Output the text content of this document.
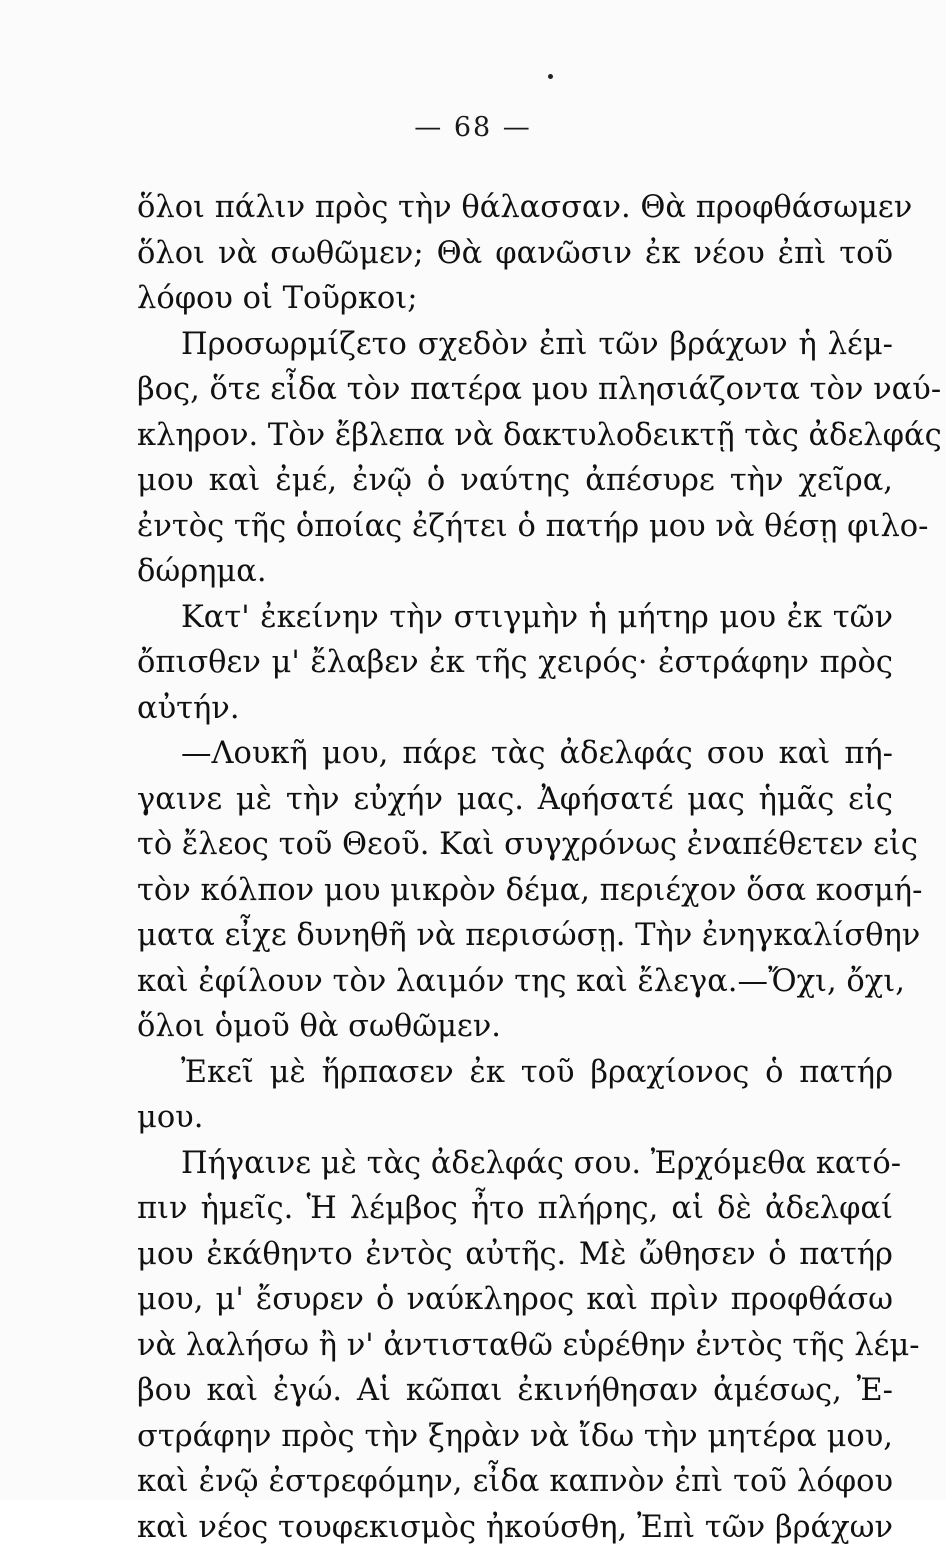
— 68 —
ὅλοι πάλιν πρὸς τὴν θάλασσαν. Θὰ προφθάσωμεν
ὅλοι νὰ σωθῶμεν; Θὰ φανῶσιν ἐκ νέου ἐπὶ τοῦ
λόφου οἱ Τοῦρκοι;
Προσωρμίζετο σχεδὸν ἐπὶ τῶν βράχων ἡ λέμ-
βος, ὅτε εἶδα τὸν πατέρα μου πλησιάζοντα τὸν ναύ-
κληρον. Τὸν ἔβλεπα νὰ δακτυλοδεικτῇ τὰς ἀδελφάς
μου καὶ ἐμέ, ἐνῷ ὁ ναύτης ἀπέσυρε τὴν χεῖρα,
ἐντὸς τῆς ὁποίας ἐζήτει ὁ πατήρ μου νὰ θέσῃ φιλο-
δώρημα.
Κατ' ἐκείνην τὴν στιγμὴν ἡ μήτηρ μου ἐκ τῶν
ὄπισθεν μ' ἔλαβεν ἐκ τῆς χειρός· ἐστράφην πρὸς
αὐτήν.
—Λουκῆ μου, πάρε τὰς ἀδελφάς σου καὶ πή-
γαινε μὲ τὴν εὐχήν μας. Ἀφήσατέ μας ἡμᾶς εἰς
τὸ ἔλεος τοῦ Θεοῦ. Καὶ συγχρόνως ἐναπέθετεν εἰς
τὸν κόλπον μου μικρὸν δέμα, περιέχον ὅσα κοσμή-
ματα εἶχε δυνηθῆ νὰ περισώσῃ. Τὴν ἐνηγκαλίσθην
καὶ ἐφίλουν τὸν λαιμόν της καὶ ἔλεγα.—Ὄχι, ὄχι,
ὅλοι ὁμοῦ θὰ σωθῶμεν.
Ἐκεῖ μὲ ἥρπασεν ἐκ τοῦ βραχίονος ὁ πατήρ
μου.
Πήγαινε μὲ τὰς ἀδελφάς σου. Ἐρχόμεθα κατό-
πιν ἡμεῖς. Ἡ λέμβος ἦτο πλήρης, αἱ δὲ ἀδελφαί
μου ἐκάθηντο ἐντὸς αὐτῆς. Μὲ ὤθησεν ὁ πατήρ
μου, μ' ἔσυρεν ὁ ναύκληρος καὶ πρὶν προφθάσω
νὰ λαλήσω ἢ ν' ἀντισταθῶ εὑρέθην ἐντὸς τῆς λέμ-
βου καὶ ἐγώ. Αἱ κῶπαι ἐκινήθησαν ἀμέσως, Ἐ-
στράφην πρὸς τὴν ξηρὰν νὰ ἴδω τὴν μητέρα μου,
καὶ ἐνῷ ἐστρεφόμην, εἶδα καπνὸν ἐπὶ τοῦ λόφου
καὶ νέος τουφεκισμὸς ἠκούσθη, Ἐπὶ τῶν βράχων
